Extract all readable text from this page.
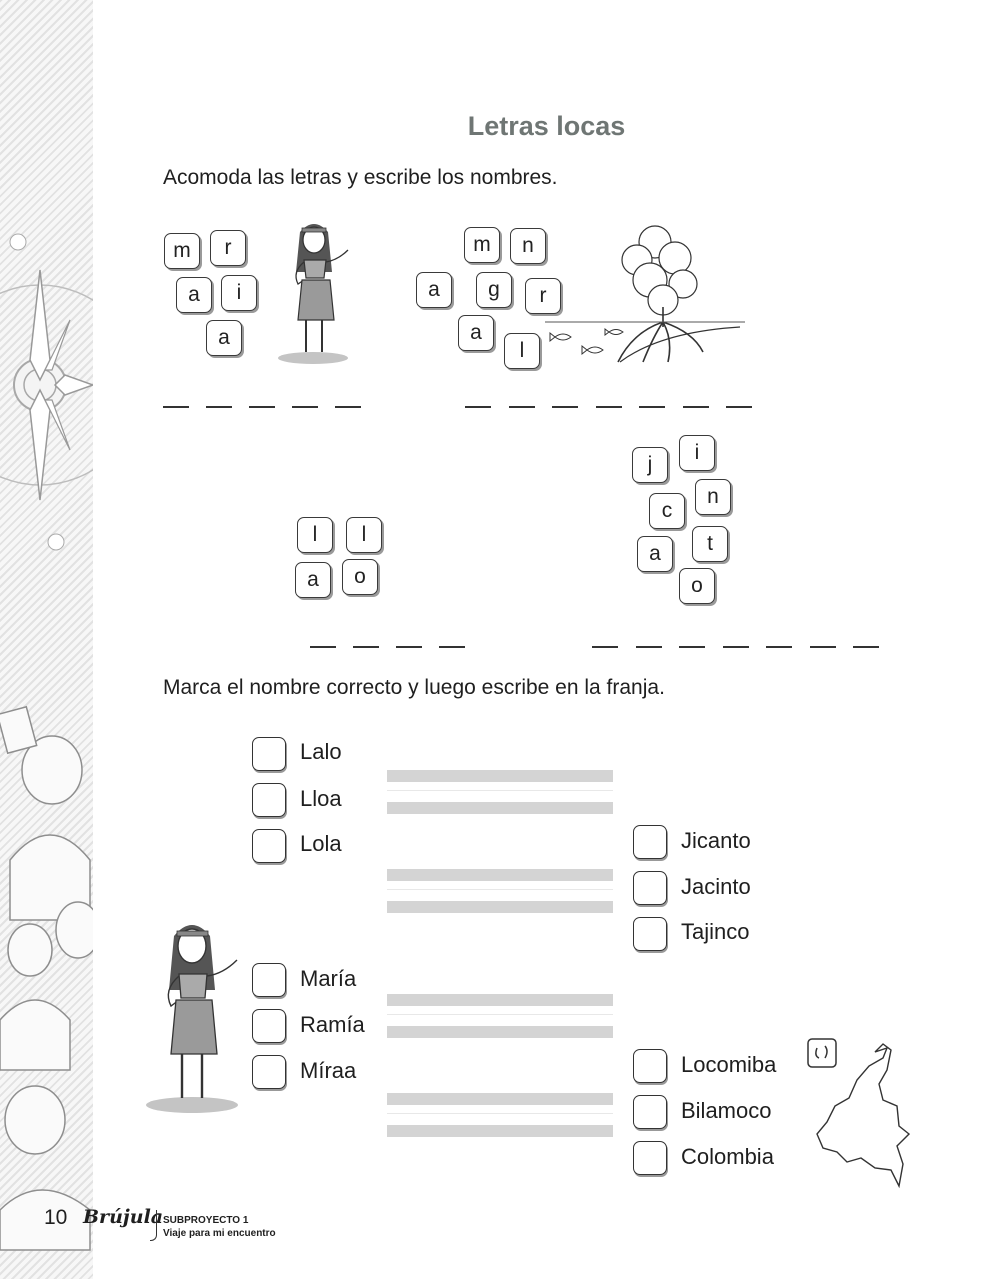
Letras locas
Acomoda las letras y escribe los nombres.
m	r
a	i
a
m	n
a	g	r
a
l
l	l
a	o
j
i
n
c
t
a
o
Marca el nombre correcto y luego escribe en la franja.
Lalo
Lloa
Lola	Jicanto
Jacinto
Tajinco
María
Ramía
Míraa	Locomiba
Bilamoco
Colombia
10 Brújula SUBPROYECTO 1
Viaje para mi encuentro
